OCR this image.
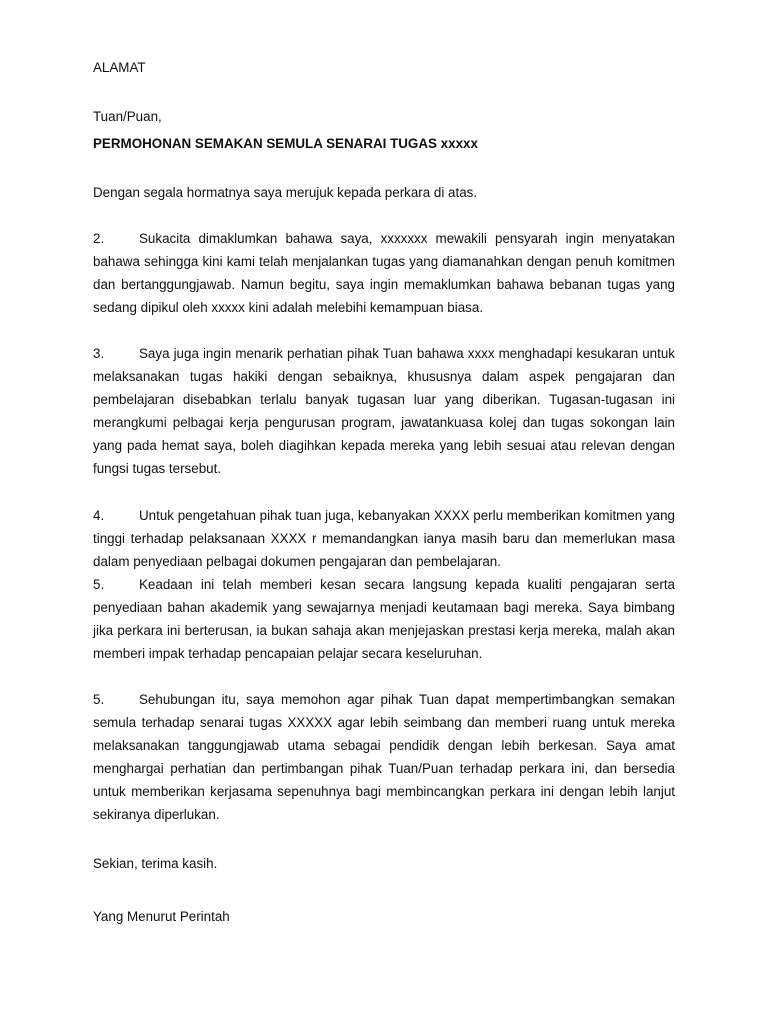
ALAMAT

Tuan/Puan,

PERMOHONAN SEMAKAN SEMULA SENARAI TUGAS xxxxx

Dengan segala hormatnya saya merujuk kepada perkara di atas.

2.	Sukacita dimaklumkan bahawa saya, xxxxxxx mewakili pensyarah ingin menyatakan bahawa sehingga kini kami telah menjalankan tugas yang diamanahkan dengan penuh komitmen dan bertanggungjawab. Namun begitu, saya ingin memaklumkan bahawa bebanan tugas yang sedang dipikul oleh xxxxx kini adalah melebihi kemampuan biasa.

3.	Saya juga ingin menarik perhatian pihak Tuan bahawa xxxx menghadapi kesukaran untuk melaksanakan tugas hakiki dengan sebaiknya, khususnya dalam aspek pengajaran dan pembelajaran disebabkan terlalu banyak tugasan luar yang diberikan. Tugasan-tugasan ini merangkumi pelbagai kerja pengurusan program, jawatankuasa kolej dan tugas sokongan lain yang pada hemat saya, boleh diagihkan kepada mereka yang lebih sesuai atau relevan dengan fungsi tugas tersebut.

4.	Untuk pengetahuan pihak tuan juga, kebanyakan XXXX perlu memberikan komitmen yang tinggi terhadap pelaksanaan XXXX r memandangkan ianya masih baru dan memerlukan masa dalam penyediaan pelbagai dokumen pengajaran dan pembelajaran.

5.	Keadaan ini telah memberi kesan secara langsung kepada kualiti pengajaran serta penyediaan bahan akademik yang sewajarnya menjadi keutamaan bagi mereka. Saya bimbang jika perkara ini berterusan, ia bukan sahaja akan menjejaskan prestasi kerja mereka, malah akan memberi impak terhadap pencapaian pelajar secara keseluruhan.

5.	Sehubungan itu, saya memohon agar pihak Tuan dapat mempertimbangkan semakan semula terhadap senarai tugas XXXXX agar lebih seimbang dan memberi ruang untuk mereka melaksanakan tanggungjawab utama sebagai pendidik dengan lebih berkesan. Saya amat menghargai perhatian dan pertimbangan pihak Tuan/Puan terhadap perkara ini, dan bersedia untuk memberikan kerjasama sepenuhnya bagi membincangkan perkara ini dengan lebih lanjut sekiranya diperlukan.

Sekian, terima kasih.

Yang Menurut Perintah
